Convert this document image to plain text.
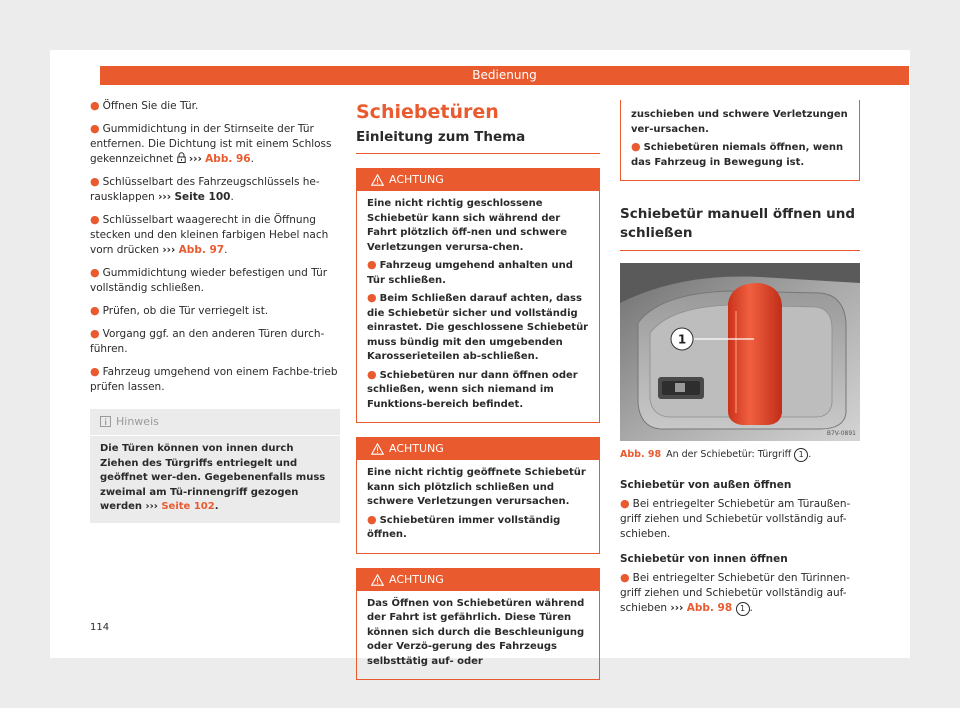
Bedienung

● Öffnen Sie die Tür.

● Gummidichtung in der Stirnseite der Tür entfernen. Die Dichtung ist mit einem Schloss gekennzeichnet ››› Abb. 96.

● Schlüsselbart des Fahrzeugschlüssels he-rausklappen ››› Seite 100.

● Schlüsselbart waagerecht in die Öffnung stecken und den kleinen farbigen Hebel nach vorn drücken ››› Abb. 97.

● Gummidichtung wieder befestigen und Tür vollständig schließen.

● Prüfen, ob die Tür verriegelt ist.

● Vorgang ggf. an den anderen Türen durch-führen.

● Fahrzeug umgehend von einem Fachbe-trieb prüfen lassen.

Hinweis
Die Türen können von innen durch Ziehen des Türgriffs entriegelt und geöffnet wer-den. Gegebenenfalls muss zweimal am Tü-rinnengriff gezogen werden ››› Seite 102.
Schiebetüren
Einleitung zum Thema
ACHTUNG

Eine nicht richtig geschlossene Schiebetür kann sich während der Fahrt plötzlich öff-nen und schwere Verletzungen verursa-chen.

● Fahrzeug umgehend anhalten und Tür schließen.

● Beim Schließen darauf achten, dass die Schiebetür sicher und vollständig einrastet. Die geschlossene Schiebetür muss bündig mit den umgebenden Karosserieteilen ab-schließen.

● Schiebetüren nur dann öffnen oder schließen, wenn sich niemand im Funktions-bereich befindet.

ACHTUNG

Eine nicht richtig geöffnete Schiebetür kann sich plötzlich schließen und schwere Verletzungen verursachen.

● Schiebetüren immer vollständig öffnen.

ACHTUNG

Das Öffnen von Schiebetüren während der Fahrt ist gefährlich. Diese Türen können sich durch die Beschleunigung oder Verzö-gerung des Fahrzeugs selbsttätig auf- oder

zuschieben und schwere Verletzungen ver-ursachen.

● Schiebetüren niemals öffnen, wenn das Fahrzeug in Bewegung ist.

Schiebetür manuell öffnen und schließen
1
B7V-0891
Abb. 98 An der Schiebetür: Türgriff 1 .
Schiebetür von außen öffnen

● Bei entriegelter Schiebetür am Türaußen-griff ziehen und Schiebetür vollständig auf-schieben.

Schiebetür von innen öffnen

● Bei entriegelter Schiebetür den Türinnen-griff ziehen und Schiebetür vollständig auf-schieben ››› Abb. 98 1 .

114
